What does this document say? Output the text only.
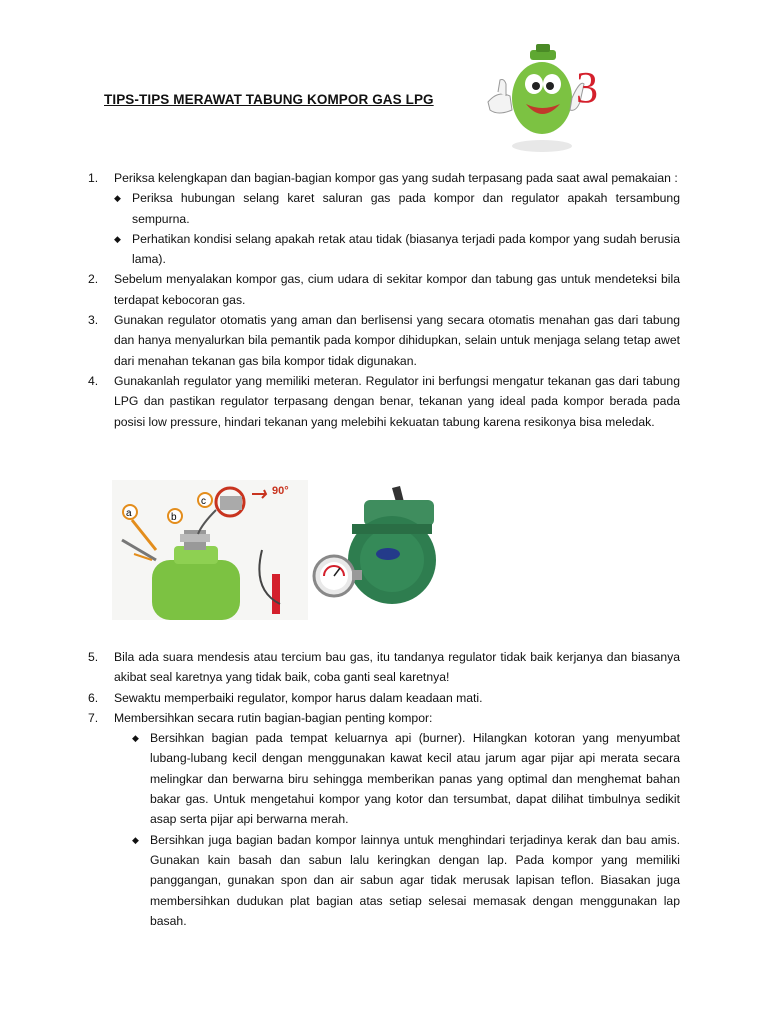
TIPS-TIPS MERAWAT TABUNG KOMPOR GAS LPG	3
1.	Periksa kelengkapan dan bagian-bagian kompor gas yang sudah terpasang pada saat awal pemakaian :
◆ Periksa hubungan selang karet saluran gas pada kompor dan regulator apakah tersambung sempurna.
◆ Perhatikan kondisi selang apakah retak atau tidak (biasanya terjadi pada kompor yang sudah berusia lama).
2.	Sebelum menyalakan kompor gas, cium udara di sekitar kompor dan tabung gas untuk mendeteksi bila terdapat kebocoran gas.
3.	Gunakan regulator otomatis yang aman dan berlisensi yang secara otomatis menahan gas dari tabung dan hanya menyalurkan bila pemantik pada kompor dihidupkan, selain untuk menjaga selang tetap awet dari menahan tekanan gas bila kompor tidak digunakan.
4.	Gunakanlah regulator yang memiliki meteran. Regulator ini berfungsi mengatur tekanan gas dari tabung LPG dan pastikan regulator terpasang dengan benar, tekanan yang ideal pada kompor berada pada posisi low pressure, hindari tekanan yang melebihi kekuatan tabung karena resikonya bisa meledak.
90°
c
b
a
5.	Bila ada suara mendesis atau tercium bau gas, itu tandanya regulator tidak baik kerjanya dan biasanya akibat seal karetnya yang tidak baik, coba ganti seal karetnya!
6.	Sewaktu memperbaiki regulator, kompor harus dalam keadaan mati.
7.	Membersihkan secara rutin bagian-bagian penting kompor:
◆ Bersihkan bagian pada tempat keluarnya api (burner). Hilangkan kotoran yang menyumbat lubang-lubang kecil dengan menggunakan kawat kecil atau jarum agar pijar api merata secara melingkar dan berwarna biru sehingga memberikan panas yang optimal dan menghemat bahan bakar gas. Untuk mengetahui kompor yang kotor dan tersumbat, dapat dilihat timbulnya sedikit asap serta pijar api berwarna merah.
◆ Bersihkan juga bagian badan kompor lainnya untuk menghindari terjadinya kerak dan bau amis. Gunakan kain basah dan sabun lalu keringkan dengan lap. Pada kompor yang memiliki panggangan, gunakan spon dan air sabun agar tidak merusak lapisan teflon. Biasakan juga membersihkan dudukan plat bagian atas setiap selesai memasak dengan menggunakan lap basah.
